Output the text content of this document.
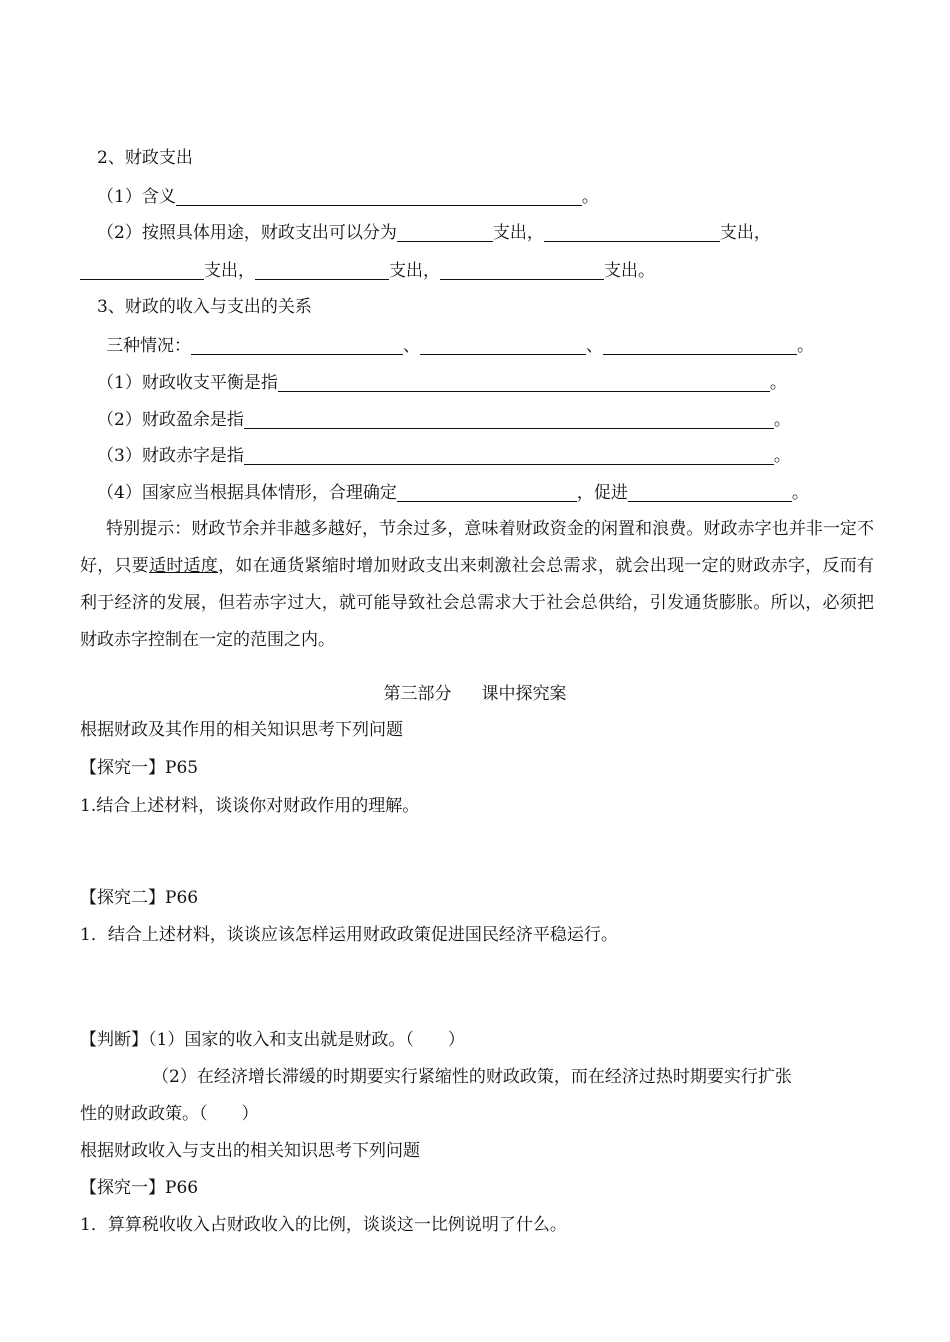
2、财政支出
（1）含义	。
（2）按照具体用途，财政支出可以分为	支出，	支出，
支出，	支出，	支出。
3、财政的收入与支出的关系
三种情况：	、	、	。
（1）财政收支平衡是指	。
（2）财政盈余是指	。
（3）财政赤字是指	。
（4）国家应当根据具体情形，合理确定	，促进	。
特别提示：财政节余并非越多越好，节余过多，意味着财政资金的闲置和浪费。财政赤字也并非一定不好，只要适时适度，如在通货紧缩时增加财政支出来刺激社会总需求，就会出现一定的财政赤字，反而有利于经济的发展，但若赤字过大，就可能导致社会总需求大于社会总供给，引发通货膨胀。所以，必须把财政赤字控制在一定的范围之内。
第三部分 课中探究案
根据财政及其作用的相关知识思考下列问题
【探究一】P65
1.结合上述材料，谈谈你对财政作用的理解。
【探究二】P66
1．结合上述材料，谈谈应该怎样运用财政政策促进国民经济平稳运行。
【判断】（1）国家的收入和支出就是财政。（　　）
（2）在经济增长滞缓的时期要实行紧缩性的财政政策，而在经济过热时期要实行扩张
性的财政政策。（　　）
根据财政收入与支出的相关知识思考下列问题
【探究一】P66
1．算算税收收入占财政收入的比例，谈谈这一比例说明了什么。
